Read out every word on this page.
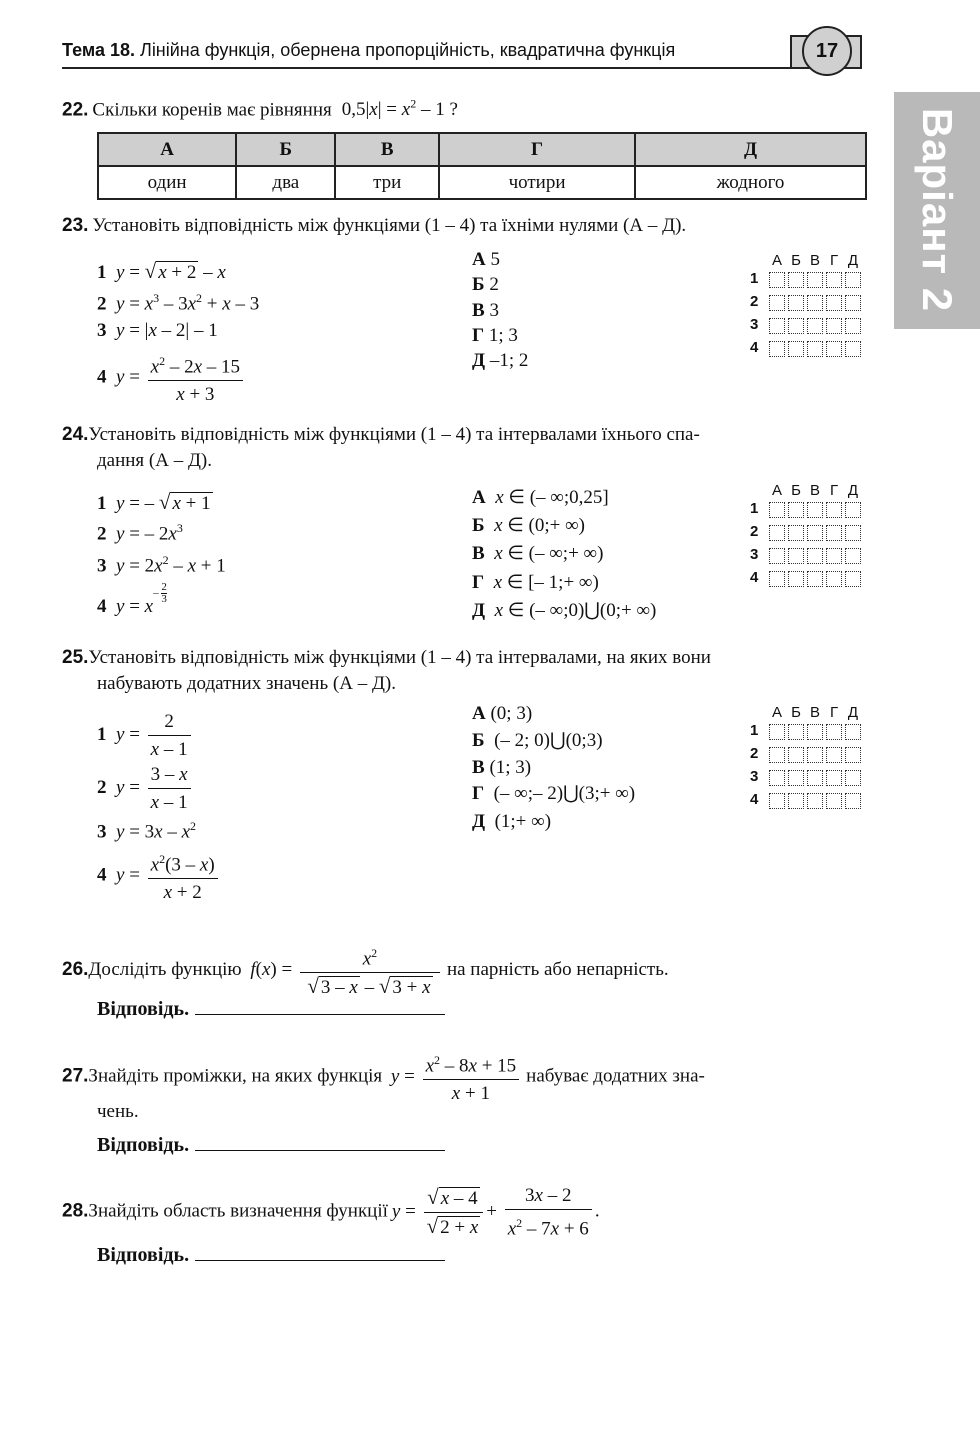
Тема 18. Лінійна функція, обернена пропорційність, квадратична функція	17
Варіант 2
22. Скільки коренів має рівняння $0,5|x| = x^2 - 1$ ?
А	Б	В	Г	Д
один	два	три	чотири	жодного
23. Установіть відповідність між функціями (1 – 4) та їхніми нулями (А – Д).
1 y = √ x + 2 – x
2 $y = x^3 - 3x^2 + x - 3$
3 y = |x – 2| – 1
4 $y = \frac{x^2 - 2x - 15}{x + 3}$
А 5
Б 2
В 3
Г 1; 3
Д –1; 2
А Б В Г Д
1
2
3
4
24.Установіть відповідність між функціями (1 – 4) та інтервалами їхнього спа-
дання (А – Д).
1 y = – √ x + 1
2 y = – $2x^3$
3 $y = 2x^2 - x + 1$
4 $y = x- \frac{2}{3}$
А x ∈ (– ∞;0,25]
Б x ∈ (0;+ ∞)
В x ∈ (– ∞;+ ∞)
Г x ∈ [– 1;+ ∞)
Д x ∈ (– ∞;0)⋃(0;+ ∞)
А Б В Г Д
1
2
3
4
25.Установіть відповідність між функціями (1 – 4) та інтервалами, на яких вони
набувають додатних значень (А – Д).
1 $y = \frac{2}{x - 1}$
2 $y = \frac{3 - x}{x - 1}$
3 $y = 3x - x^2$
4 $y = \frac{x^2(3 - x)}{x + 2}$
А (0; 3)
Б  (– 2; 0)⋃(0;3)
В (1; 3)
Г  (– ∞;– 2)⋃(3;+ ∞)
Д  (1;+ ∞)
А Б В Г Д
1
2
3
4
26.Дослідіть функцію $f(x) = \frac{x^2}{√ 3 - x - √ 3 + x}$ на парність або непарність.
Відповідь.
27.Знайдіть проміжки, на яких функція $y = \frac{x^2 - 8x + 15}{x + 1}$ набуває додатних зна-
чень.
Відповідь.
28.Знайдіть область визначення функції $y = \frac{√ x - 4}{√ 2 + x} + \frac{3x - 2}{x^2 - 7x + 6}$ .
Відповідь.
